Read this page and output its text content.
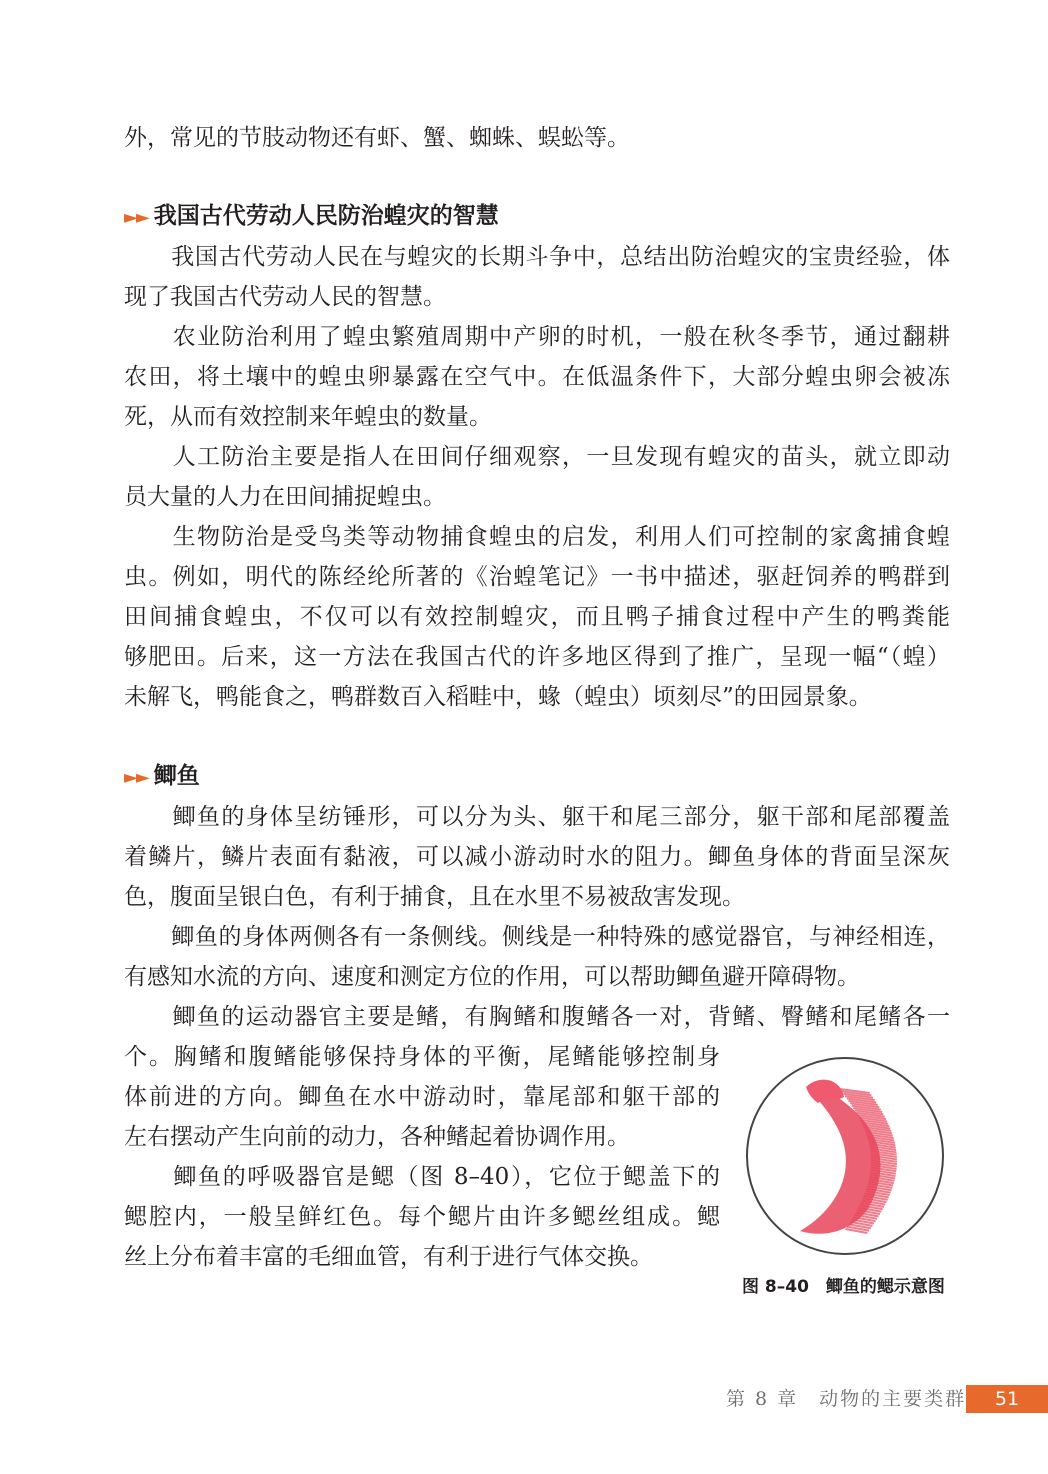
外，常见的节肢动物还有虾、蟹、蜘蛛、蜈蚣等。
►► 我国古代劳动人民防治蝗灾的智慧
　　我国古代劳动人民在与蝗灾的长期斗争中，总结出防治蝗灾的宝贵经验，体
现了我国古代劳动人民的智慧。
　　农业防治利用了蝗虫繁殖周期中产卵的时机，一般在秋冬季节，通过翻耕
农田，将土壤中的蝗虫卵暴露在空气中。在低温条件下，大部分蝗虫卵会被冻
死，从而有效控制来年蝗虫的数量。
　　人工防治主要是指人在田间仔细观察，一旦发现有蝗灾的苗头，就立即动
员大量的人力在田间捕捉蝗虫。
　　生物防治是受鸟类等动物捕食蝗虫的启发，利用人们可控制的家禽捕食蝗
虫。例如，明代的陈经纶所著的《治蝗笔记》一书中描述，驱赶饲养的鸭群到
田间捕食蝗虫，不仅可以有效控制蝗灾，而且鸭子捕食过程中产生的鸭粪能
够肥田。后来，这一方法在我国古代的许多地区得到了推广，呈现一幅“（蝗）
未解飞，鸭能食之，鸭群数百入稻畦中，蝝（蝗虫）顷刻尽”的田园景象。
►► 鲫鱼
　　鲫鱼的身体呈纺锤形，可以分为头、躯干和尾三部分，躯干部和尾部覆盖
着鳞片，鳞片表面有黏液，可以减小游动时水的阻力。鲫鱼身体的背面呈深灰
色，腹面呈银白色，有利于捕食，且在水里不易被敌害发现。
　　鲫鱼的身体两侧各有一条侧线。侧线是一种特殊的感觉器官，与神经相连，
有感知水流的方向、速度和测定方位的作用，可以帮助鲫鱼避开障碍物。
　　鲫鱼的运动器官主要是鳍，有胸鳍和腹鳍各一对，背鳍、臀鳍和尾鳍各一
个。胸鳍和腹鳍能够保持身体的平衡，尾鳍能够控制身
体前进的方向。鲫鱼在水中游动时，靠尾部和躯干部的
左右摆动产生向前的动力，各种鳍起着协调作用。
　　鲫鱼的呼吸器官是鳃（图 8–40），它位于鳃盖下的
鳃腔内，一般呈鲜红色。每个鳃片由许多鳃丝组成。鳃
丝上分布着丰富的毛细血管，有利于进行气体交换。
图 8–40　鲫鱼的鳃示意图
第 8 章　动物的主要类群	51
